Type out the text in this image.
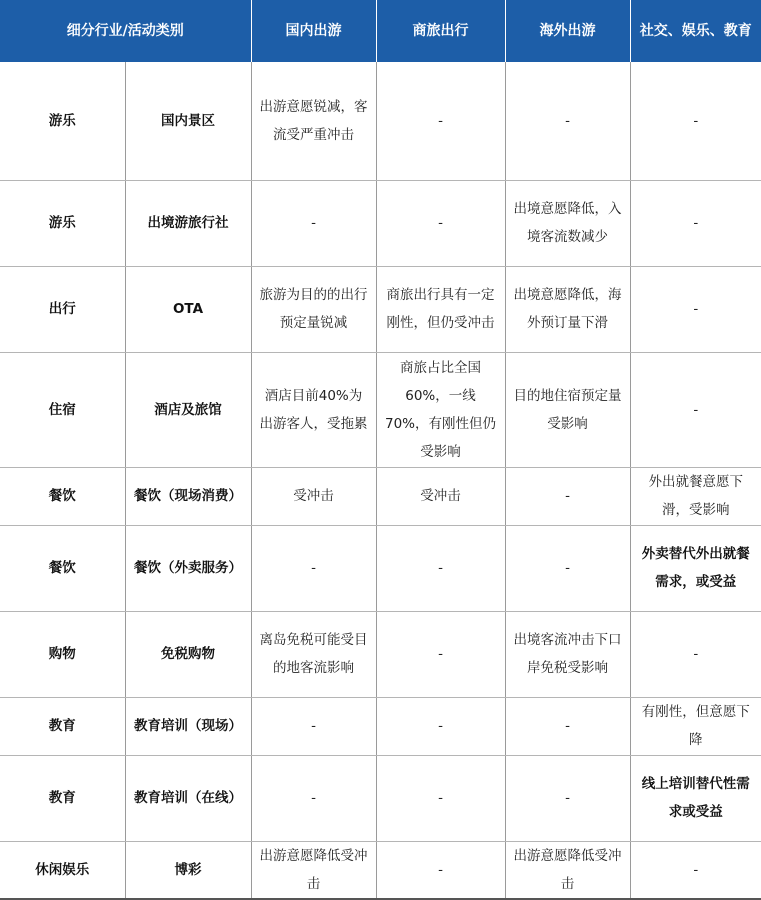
细分行业/活动类别		国内出游	商旅出行	海外出游	社交、娱乐、教育
游乐	国内景区	出游意愿锐减，客流受严重冲击	-	-	-
游乐	出境游旅行社	-	-	出境意愿降低，入境客流数减少	-
出行	OTA	旅游为目的的出行预定量锐减	商旅出行具有一定刚性，但仍受冲击	出境意愿降低，海外预订量下滑	-
住宿	酒店及旅馆	酒店目前40%为出游客人，受拖累	商旅占比全国60%，一线70%，有刚性但仍受影响	目的地住宿预定量受影响	-
餐饮	餐饮（现场消费）	受冲击	受冲击	-	外出就餐意愿下滑，受影响
餐饮	餐饮（外卖服务）	-	-	-	外卖替代外出就餐需求，或受益
购物	免税购物	离岛免税可能受目的地客流影响	-	出境客流冲击下口岸免税受影响	-
教育	教育培训（现场）	-	-	-	有刚性，但意愿下降
教育	教育培训（在线）	-	-	-	线上培训替代性需求或受益
休闲娱乐	博彩	出游意愿降低受冲击	-	出游意愿降低受冲击	-
